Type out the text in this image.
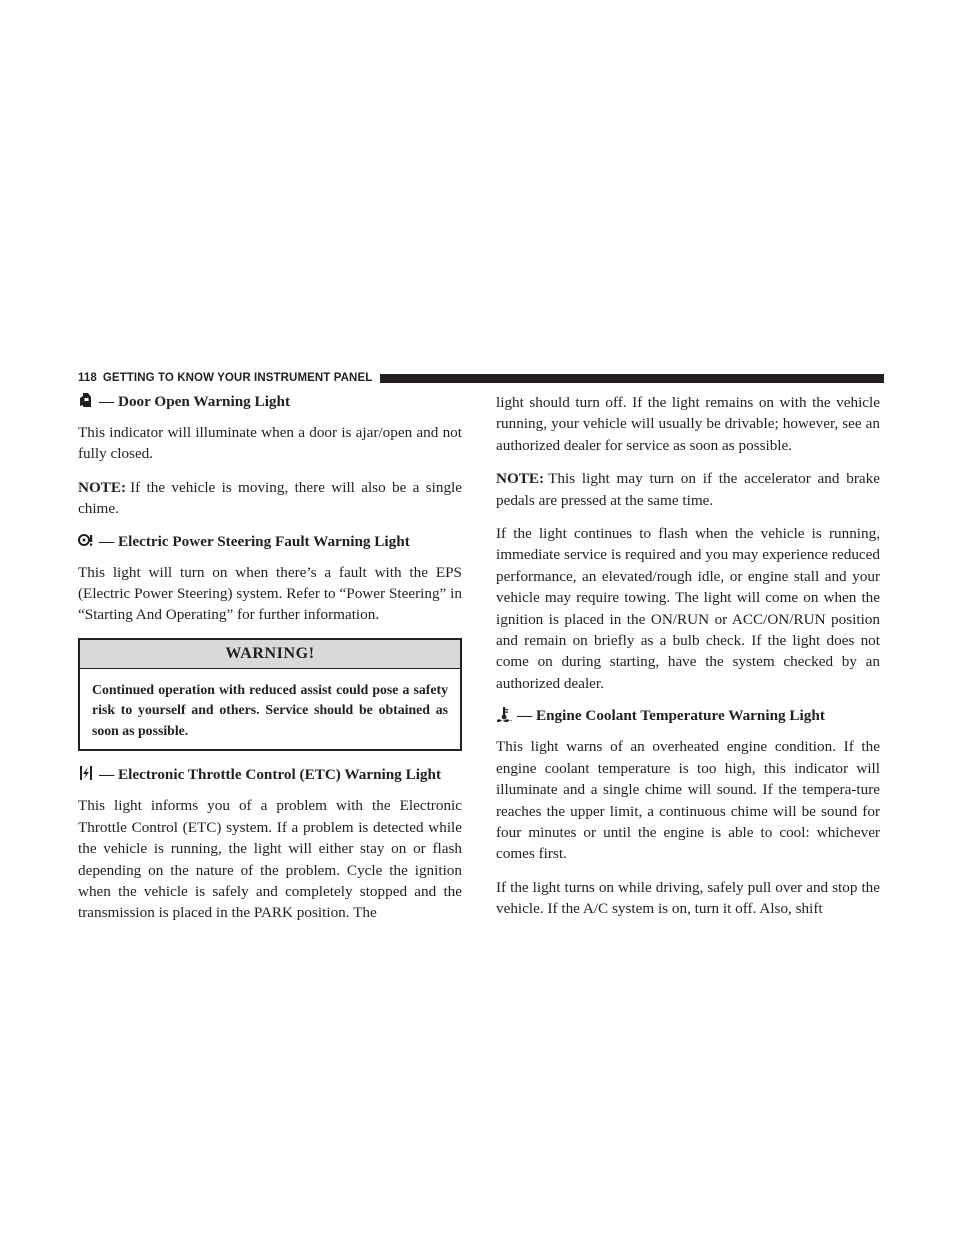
118 GETTING TO KNOW YOUR INSTRUMENT PANEL
— Door Open Warning Light

This indicator will illuminate when a door is ajar/open and not fully closed.

NOTE: If the vehicle is moving, there will also be a single chime.

— Electric Power Steering Fault Warning Light

This light will turn on when there’s a fault with the EPS (Electric Power Steering) system. Refer to “Power Steering” in “Starting And Operating” for further information.

WARNING!
Continued operation with reduced assist could pose a safety risk to yourself and others. Service should be obtained as soon as possible.
— Electronic Throttle Control (ETC) Warning Light

This light informs you of a problem with the Electronic Throttle Control (ETC) system. If a problem is detected while the vehicle is running, the light will either stay on or flash depending on the nature of the problem. Cycle the ignition when the vehicle is safely and completely stopped and the transmission is placed in the PARK position. The

light should turn off. If the light remains on with the vehicle running, your vehicle will usually be drivable; however, see an authorized dealer for service as soon as possible.

NOTE: This light may turn on if the accelerator and brake pedals are pressed at the same time.

If the light continues to flash when the vehicle is running, immediate service is required and you may experience reduced performance, an elevated/rough idle, or engine stall and your vehicle may require towing. The light will come on when the ignition is placed in the ON/RUN or ACC/ON/RUN position and remain on briefly as a bulb check. If the light does not come on during starting, have the system checked by an authorized dealer.

— Engine Coolant Temperature Warning Light

This light warns of an overheated engine condition. If the engine coolant temperature is too high, this indicator will illuminate and a single chime will sound. If the tempera-ture reaches the upper limit, a continuous chime will be sound for four minutes or until the engine is able to cool: whichever comes first.

If the light turns on while driving, safely pull over and stop the vehicle. If the A/C system is on, turn it off. Also, shift
